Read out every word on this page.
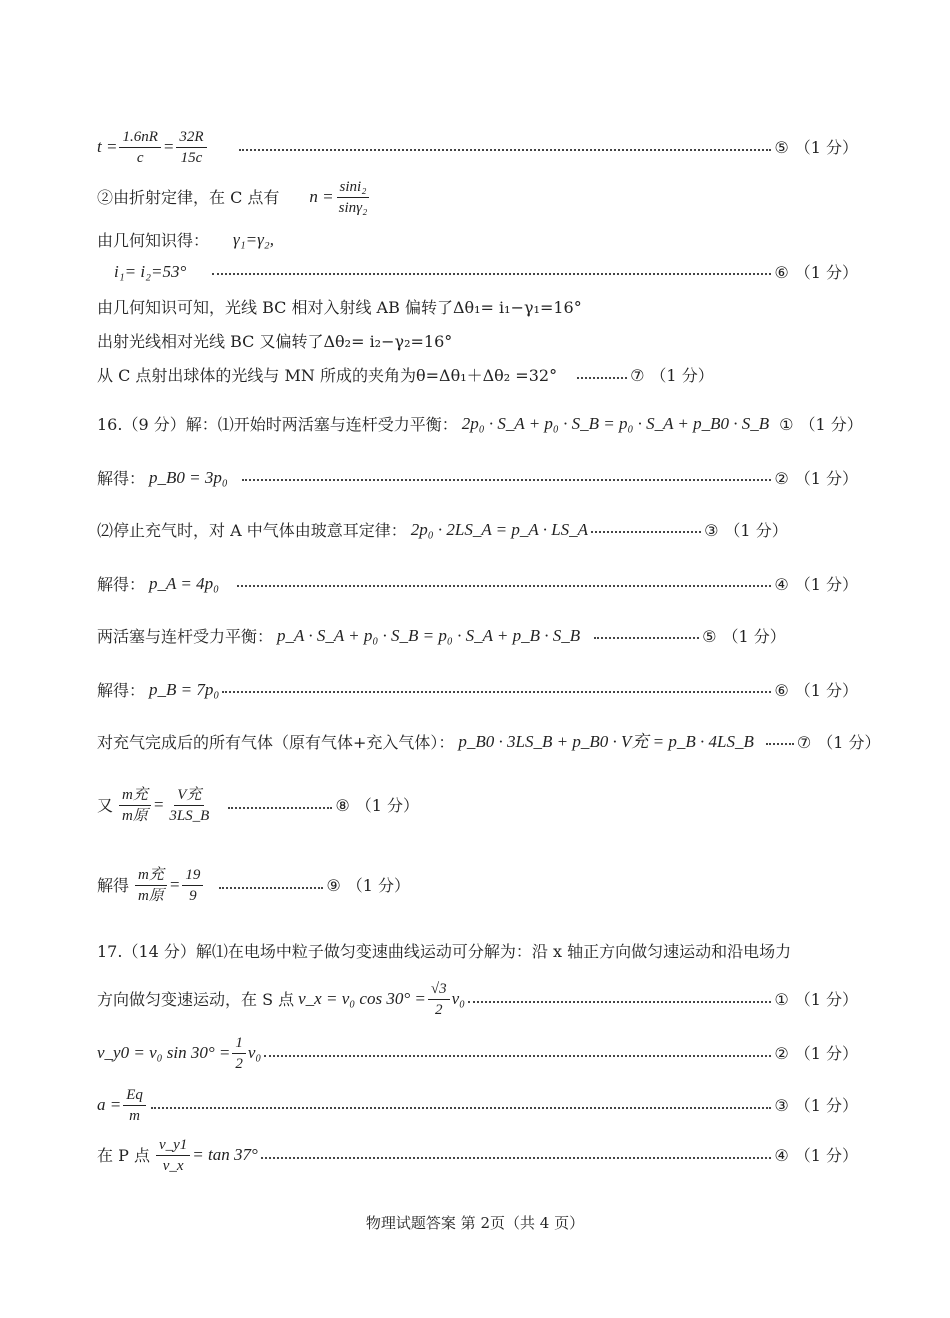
$t = \frac{1.6nR}{c} = \frac{32R}{15c}$	⑤ （1 分）
②由折射定律，在 C 点有 $n = \frac{\text{sini₂}}{\text{sinγ₂}}$
由几何知识得： γ₁=γ₂,
i₁= i₂=53°	⑥ （1 分）
由几何知识可知，光线 BC 相对入射线 AB 偏转了Δθ₁= i₁−γ₁=16°
出射光线相对光线 BC 又偏转了Δθ₂= i₂−γ₂=16°
从 C 点射出球体的光线与 MN 所成的夹角为θ=Δθ₁＋Δθ₂ =32°	⑦ （1 分）
16.（9 分）解：⑴开始时两活塞与连杆受力平衡： 2p₀ · S_A + p₀ · S_B = p₀ · S_A + p_B0 · S_B ① （1 分）
解得： p_B0 = 3p₀	② （1 分）
⑵停止充气时，对 A 中气体由玻意耳定律： 2p₀ · 2LS_A = p_A · LS_A	③ （1 分）
解得： p_A = 4p₀	④ （1 分）
两活塞与连杆受力平衡： p_A · S_A + p₀ · S_B = p₀ · S_A + p_B · S_B	⑤ （1 分）
解得： p_B = 7p₀	⑥ （1 分）
对充气完成后的所有气体（原有气体+充入气体）： p_B0 · 3LS_B + p_B0 · V充 = p_B · 4LS_B	⑦ （1 分）
又 $\frac{\text{m充}}{\text{m原}} = \frac{\text{V充}}{3LS\_B}$	⑧ （1 分）
解得 $\frac{\text{m充}}{\text{m原}} = \frac{19}{9}$	⑨ （1 分）
17.（14 分）解⑴在电场中粒子做匀变速曲线运动可分解为：沿 x 轴正方向做匀速运动和沿电场力
方向做匀变速运动，在 S 点 v_x = v₀ $\cos 30^\circ = \frac{√3}{2} v_0$	① （1 分）
v_y0 = v₀ $\sin 30^\circ = \frac{1}{2} v_0$	② （1 分）
$a = \frac{Eq}{m}$	③ （1 分）
在 P 点 $\frac{v\_y1}{v\_x} = \tan 37^\circ$	④ （1 分）
物理试题答案 第 2页（共 4 页）
